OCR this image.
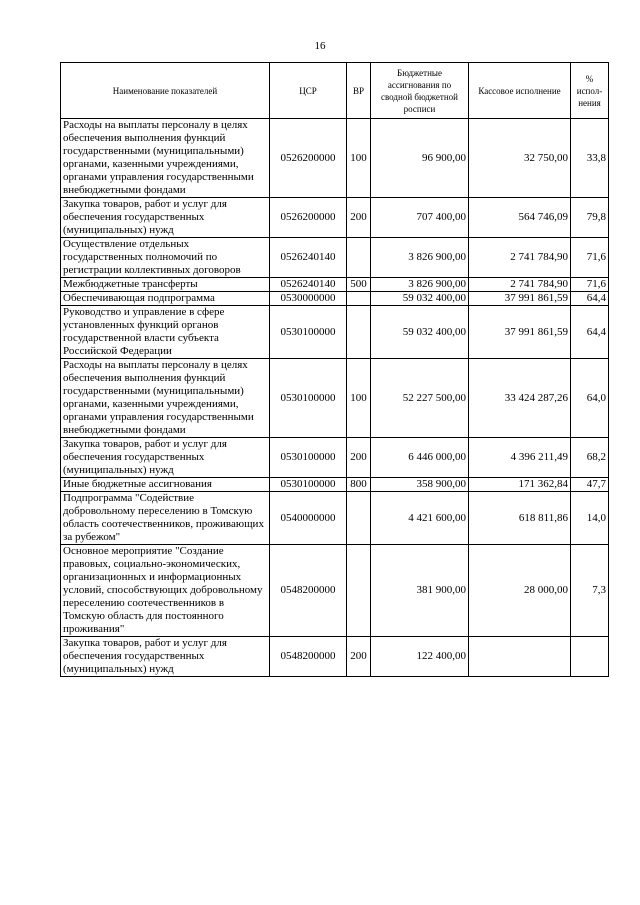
16
Наименование показателей	ЦСР	ВР	Бюджетные ассигнования по сводной бюджетной росписи	Кассовое исполнение	% испол-нения
Расходы на выплаты персоналу в целях обеспечения выполнения функций государственными (муниципальными) органами, казенными учреждениями, органами управления государственными внебюджетными фондами	0526200000	100	96 900,00	32 750,00	33,8
Закупка товаров, работ и услуг для обеспечения государственных (муниципальных) нужд	0526200000	200	707 400,00	564 746,09	79,8
Осуществление отдельных государственных полномочий по регистрации коллективных договоров	0526240140		3 826 900,00	2 741 784,90	71,6
Межбюджетные трансферты	0526240140	500	3 826 900,00	2 741 784,90	71,6
Обеспечивающая подпрограмма	0530000000		59 032 400,00	37 991 861,59	64,4
Руководство и управление в сфере установленных функций органов государственной власти субъекта Российской Федерации	0530100000		59 032 400,00	37 991 861,59	64,4
Расходы на выплаты персоналу в целях обеспечения выполнения функций государственными (муниципальными) органами, казенными учреждениями, органами управления государственными внебюджетными фондами	0530100000	100	52 227 500,00	33 424 287,26	64,0
Закупка товаров, работ и услуг для обеспечения государственных (муниципальных) нужд	0530100000	200	6 446 000,00	4 396 211,49	68,2
Иные бюджетные ассигнования	0530100000	800	358 900,00	171 362,84	47,7
Подпрограмма "Содействие добровольному переселению в Томскую область соотечественников, проживающих за рубежом"	0540000000		4 421 600,00	618 811,86	14,0
Основное мероприятие "Создание правовых, социально-экономических, организационных и информационных условий, способствующих добровольному переселению соотечественников в Томскую область для постоянного проживания"	0548200000		381 900,00	28 000,00	7,3
Закупка товаров, работ и услуг для обеспечения государственных (муниципальных) нужд	0548200000	200	122 400,00		
